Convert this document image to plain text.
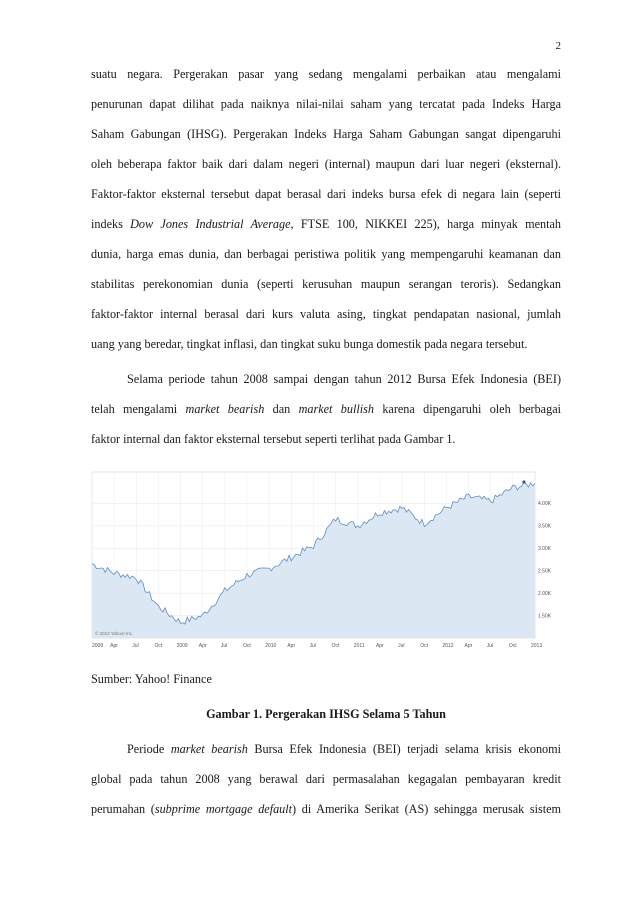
2
suatu negara. Pergerakan pasar yang sedang mengalami perbaikan atau mengalami
penurunan dapat dilihat pada naiknya nilai-nilai saham yang tercatat pada Indeks Harga
Saham Gabungan (IHSG). Pergerakan Indeks Harga Saham Gabungan sangat dipengaruhi
oleh beberapa faktor baik dari dalam negeri (internal) maupun dari luar negeri (eksternal).
Faktor-faktor eksternal tersebut dapat berasal dari indeks bursa efek di negara lain (seperti
indeks Dow Jones Industrial Average, FTSE 100, NIKKEI 225), harga minyak mentah
dunia, harga emas dunia, dan berbagai peristiwa politik yang mempengaruhi keamanan dan
stabilitas perekonomian dunia (seperti kerusuhan maupun serangan teroris). Sedangkan
faktor-faktor internal berasal dari kurs valuta asing, tingkat pendapatan nasional, jumlah
uang yang beredar, tingkat inflasi, dan tingkat suku bunga domestik pada negara tersebut.
Selama periode tahun 2008 sampai dengan tahun 2012 Bursa Efek Indonesia (BEI)
telah mengalami market bearish dan market bullish karena dipengaruhi oleh berbagai
faktor internal dan faktor eksternal tersebut seperti terlihat pada Gambar 1.
1.50K
2.00K
2.50K
3.00K
3.50K
4.00K
2008 Apr	Jul	Oct	2009 Apr	Jul	Oct	2010 Apr	Jul	Oct	2011 Apr	Jul	Oct	2012 Apr	Jul	Oct	2013
© 2013 Yahoo! Inc.
Sumber: Yahoo! Finance
Gambar 1. Pergerakan IHSG Selama 5 Tahun
Periode market bearish Bursa Efek Indonesia (BEI) terjadi selama krisis ekonomi
global pada tahun 2008 yang berawal dari permasalahan kegagalan pembayaran kredit
perumahan (subprime mortgage default) di Amerika Serikat (AS) sehingga merusak sistem
